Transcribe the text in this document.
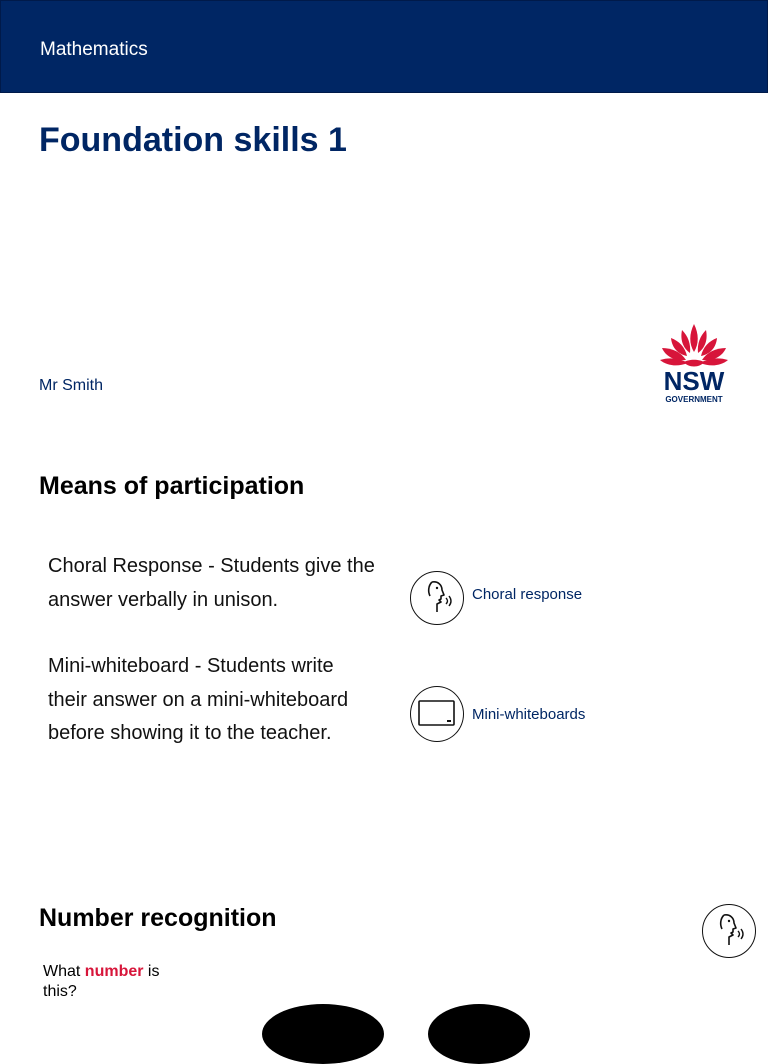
Mathematics
Foundation skills 1
Mr Smith	NSW
GOVERNMENT
Means of participation
Choral Response - Students give the answer verbally in unison.	Choral response
Mini-whiteboard - Students write their answer on a mini-whiteboard before showing it to the teacher.
Mini-whiteboards
Number recognition
What number is this?
